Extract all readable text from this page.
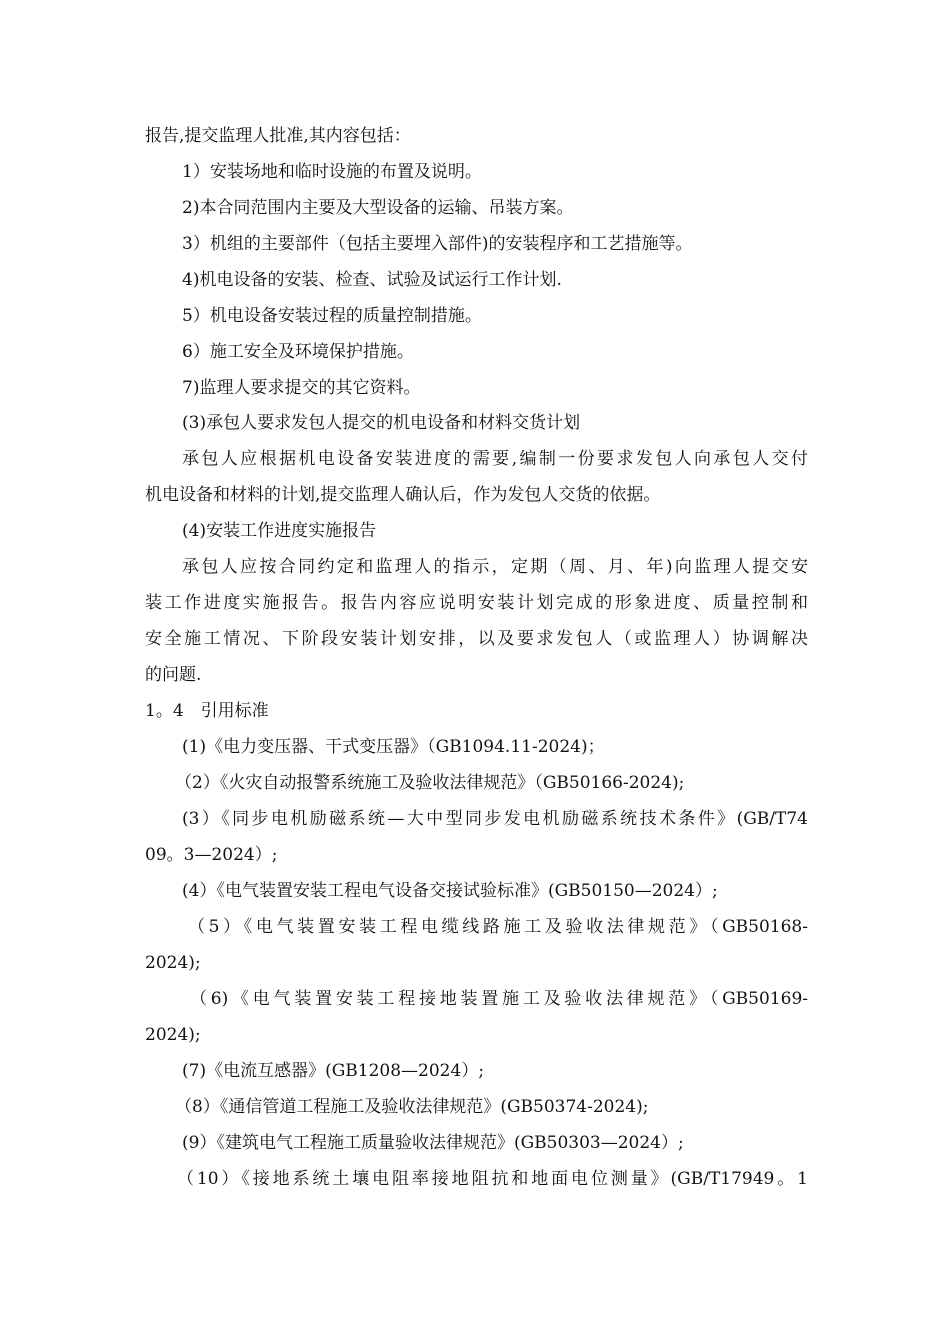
报告,提交监理人批准,其内容包括：
1）安装场地和临时设施的布置及说明。
2)本合同范围内主要及大型设备的运输、吊装方案。
3）机组的主要部件（包括主要埋入部件)的安装程序和工艺措施等。
4)机电设备的安装、检查、试验及试运行工作计划.
5）机电设备安装过程的质量控制措施。
6）施工安全及环境保护措施。
7)监理人要求提交的其它资料。
(3)承包人要求发包人提交的机电设备和材料交货计划
承包人应根据机电设备安装进度的需要,编制一份要求发包人向承包人交付
机电设备和材料的计划,提交监理人确认后，作为发包人交货的依据。
(4)安装工作进度实施报告
承包人应按合同约定和监理人的指示，定期（周、月、年)向监理人提交安
装工作进度实施报告。报告内容应说明安装计划完成的形象进度、质量控制和
安全施工情况、下阶段安装计划安排，以及要求发包人（或监理人）协调解决
的问题.
1。4　引用标准
(1)《电力变压器、干式变压器》（GB1094.11-2024)；
（2）《火灾自动报警系统施工及验收法律规范》（GB50166-2024);
(3）《同步电机励磁系统—大中型同步发电机励磁系统技术条件》(GB/T74
09。3—2024）;
(4）《电气装置安装工程电气设备交接试验标准》(GB50150—2024）;
（5）《电气装置安装工程电缆线路施工及验收法律规范》（GB50168-
2024);
（6)《电气装置安装工程接地装置施工及验收法律规范》（GB50169-
2024);
(7)《电流互感器》(GB1208—2024）;
（8）《通信管道工程施工及验收法律规范》(GB50374-2024);
(9）《建筑电气工程施工质量验收法律规范》(GB50303—2024）;
（10）《接地系统土壤电阻率接地阻抗和地面电位测量》(GB/T17949。1
